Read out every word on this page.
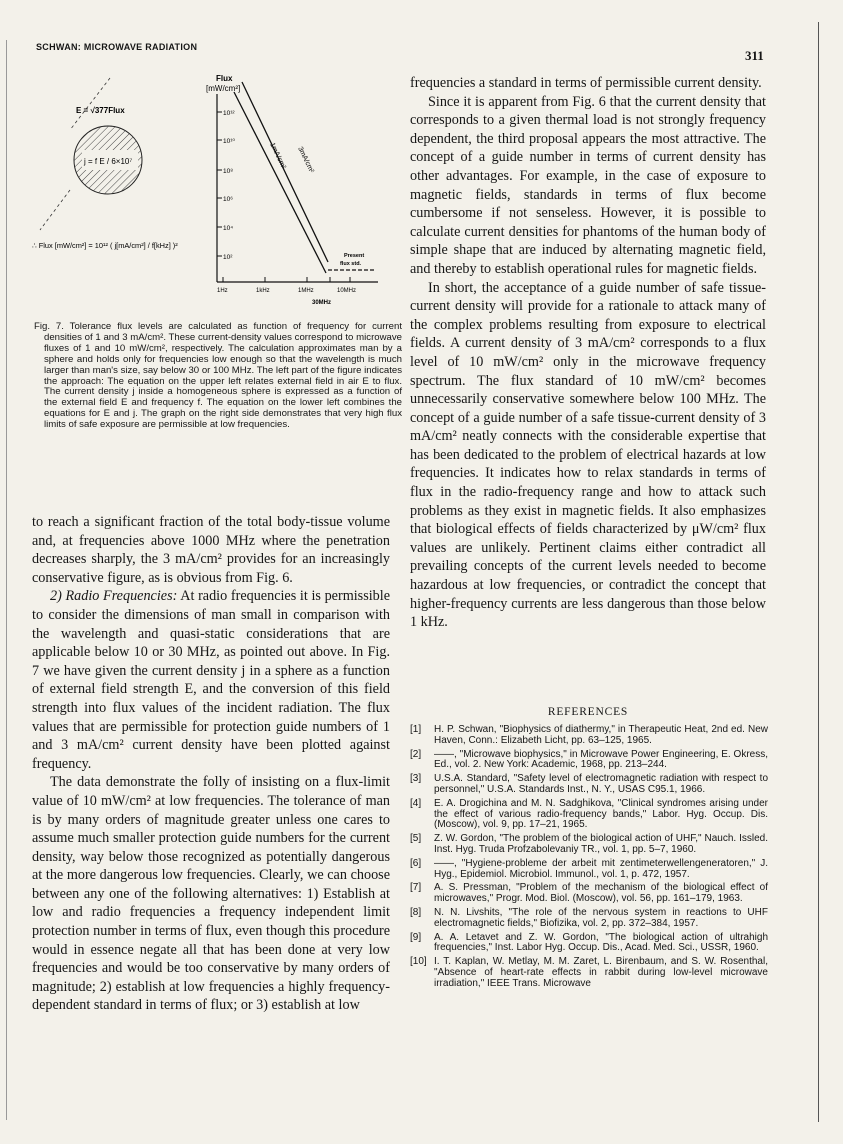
SCHWAN: MICROWAVE RADIATION
311
E = √377Flux
j = f E / 6×10⁷
∴ Flux [mW/cm²] = 10¹² ( j[mA/cm²] / f[kHz] )²
Flux
[mW/cm²]
10¹²
10¹⁰
10⁸
10⁶
10⁴
10²
1Hz	1kHz	1MHz	10MHz
30MHz
3mA/cm²
1mA/cm²
Present
flux std.
Fig. 7. Tolerance flux levels are calculated as function of frequency for current densities of 1 and 3 mA/cm². These current-density values correspond to microwave fluxes of 1 and 10 mW/cm², respectively. The calculation approximates man by a sphere and holds only for frequencies low enough so that the wavelength is much larger than man's size, say below 30 or 100 MHz. The left part of the figure indicates the approach: The equation on the upper left relates external field in air E to flux. The current density j inside a homogeneous sphere is expressed as a function of the external field E and frequency f. The equation on the lower left combines the equations for E and j. The graph on the right side demonstrates that very high flux limits of safe exposure are permissible at low frequencies.

frequencies a standard in terms of permissible current density.

Since it is apparent from Fig. 6 that the current density that corresponds to a given thermal load is not strongly frequency dependent, the third proposal appears the most attractive. The concept of a guide number in terms of current density has other advantages. For example, in the case of exposure to magnetic fields, standards in terms of flux become cumbersome if not senseless. However, it is possible to calculate current densities for phantoms of the human body of simple shape that are induced by alternating magnetic field, and thereby to establish operational rules for magnetic fields.

In short, the acceptance of a guide number of safe tissue-current density will provide for a rationale to attack many of the complex problems resulting from exposure to electrical fields. A current density of 3 mA/cm² corresponds to a flux level of 10 mW/cm² only in the microwave frequency spectrum. The flux standard of 10 mW/cm² becomes unnecessarily conservative somewhere below 100 MHz. The concept of a guide number of a safe tissue-current density of 3 mA/cm² neatly connects with the considerable expertise that has been dedicated to the problem of electrical hazards at low frequencies. It indicates how to relax standards in terms of flux in the radio-frequency range and how to attack such problems as they exist in magnetic fields. It also emphasizes that biological effects of fields characterized by μW/cm² flux values are unlikely. Pertinent claims either contradict all prevailing concepts of the current levels needed to become hazardous at low frequencies, or contradict the concept that higher-frequency currents are less dangerous than those below 1 kHz.

to reach a significant fraction of the total body-tissue volume and, at frequencies above 1000 MHz where the penetration decreases sharply, the 3 mA/cm² provides for an increasingly conservative figure, as is obvious from Fig. 6.

2) Radio Frequencies: At radio frequencies it is permissible to consider the dimensions of man small in comparison with the wavelength and quasi-static considerations that are applicable below 10 or 30 MHz, as pointed out above. In Fig. 7 we have given the current density j in a sphere as a function of external field strength E, and the conversion of this field strength into flux values of the incident radiation. The flux values that are permissible for protection guide numbers of 1 and 3 mA/cm² current density have been plotted against frequency.

The data demonstrate the folly of insisting on a flux-limit value of 10 mW/cm² at low frequencies. The tolerance of man is by many orders of magnitude greater unless one cares to assume much smaller protection guide numbers for the current density, way below those recognized as potentially dangerous at the more dangerous low frequencies. Clearly, we can choose between any one of the following alternatives: 1) Establish at low and radio frequencies a frequency independent limit protection number in terms of flux, even though this procedure would in essence negate all that has been done at very low frequencies and would be too conservative by many orders of magnitude; 2) establish at low frequencies a highly frequency-dependent standard in terms of flux; or 3) establish at low

REFERENCES
[1] H. P. Schwan, "Biophysics of diathermy," in Therapeutic Heat, 2nd ed. New Haven, Conn.: Elizabeth Licht, pp. 63–125, 1965.
[2] ——, "Microwave biophysics," in Microwave Power Engineering, E. Okress, Ed., vol. 2. New York: Academic, 1968, pp. 213–244.
[3] U.S.A. Standard, "Safety level of electromagnetic radiation with respect to personnel," U.S.A. Standards Inst., N. Y., USAS C95.1, 1966.
[4] E. A. Drogichina and M. N. Sadghikova, "Clinical syndromes arising under the effect of various radio-frequency bands," Labor. Hyg. Occup. Dis. (Moscow), vol. 9, pp. 17–21, 1965.
[5] Z. W. Gordon, "The problem of the biological action of UHF," Nauch. Issled. Inst. Hyg. Truda Profzabolevaniy TR., vol. 1, pp. 5–7, 1960.
[6] ——, "Hygiene-probleme der arbeit mit zentimeterwellengeneratoren," J. Hyg., Epidemiol. Microbiol. Immunol., vol. 1, p. 472, 1957.
[7] A. S. Pressman, "Problem of the mechanism of the biological effect of microwaves," Progr. Mod. Biol. (Moscow), vol. 56, pp. 161–179, 1963.
[8] N. N. Livshits, "The role of the nervous system in reactions to UHF electromagnetic fields," Biofizika, vol. 2, pp. 372–384, 1957.
[9] A. A. Letavet and Z. W. Gordon, "The biological action of ultrahigh frequencies," Inst. Labor Hyg. Occup. Dis., Acad. Med. Sci., USSR, 1960.
[10] I. T. Kaplan, W. Metlay, M. M. Zaret, L. Birenbaum, and S. W. Rosenthal, "Absence of heart-rate effects in rabbit during low-level microwave irradiation," IEEE Trans. Microwave
